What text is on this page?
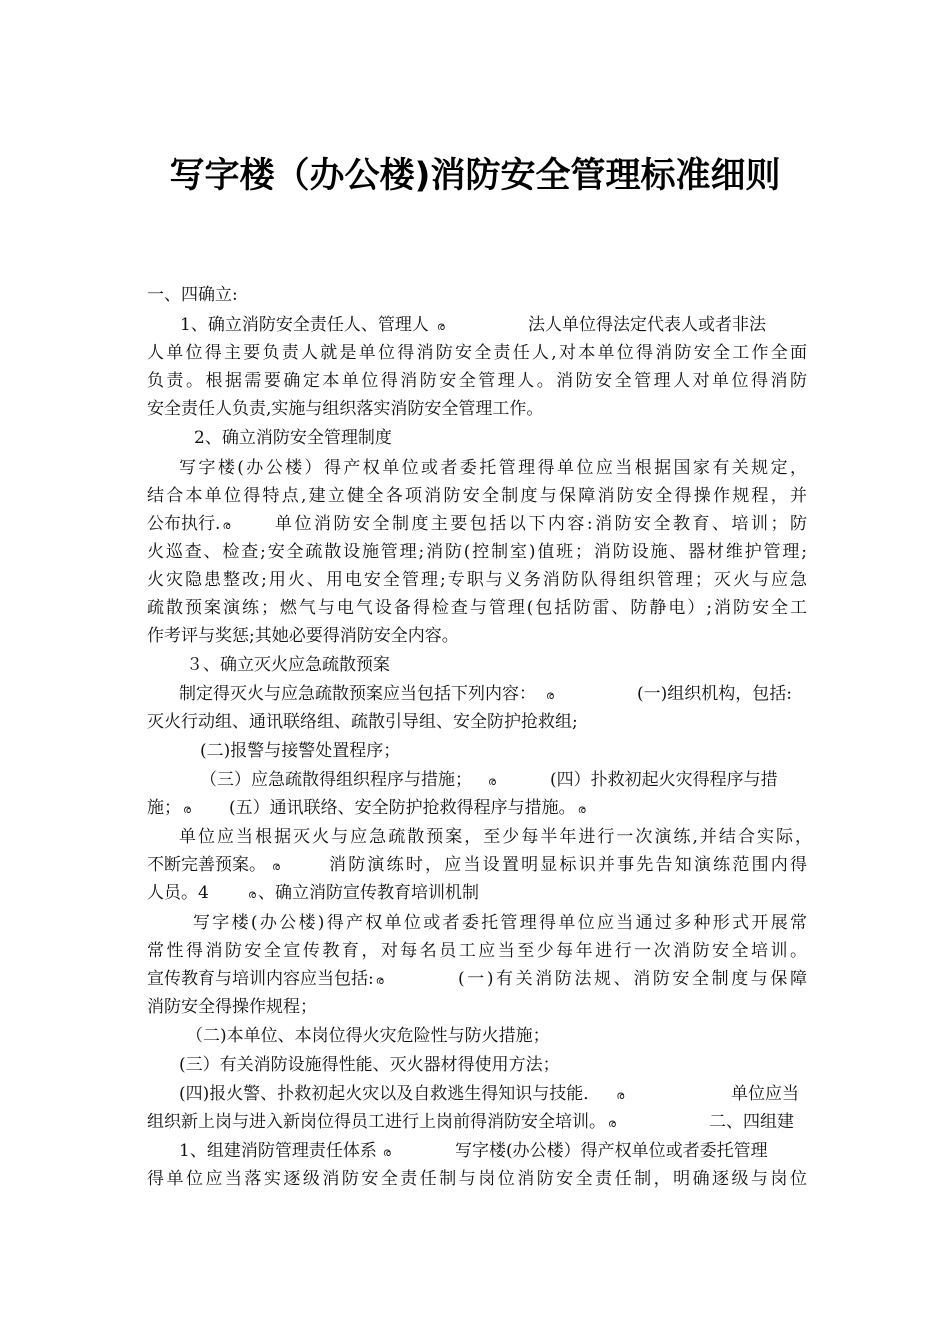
写字楼（办公楼)消防安全管理标准细则
一、四确立:
1、确立消防安全责任人、管理人 ര	法人单位得法定代表人或者非法
人单位得主要负责人就是单位得消防安全责任人,对本单位得消防安全工作全面
负责。根据需要确定本单位得消防安全管理人。消防安全管理人对单位得消防
安全责任人负责,实施与组织落实消防安全管理工作。
2、确立消防安全管理制度
写字楼(办公楼）得产权单位或者委托管理得单位应当根据国家有关规定，
结合本单位得特点,建立健全各项消防安全制度与保障消防安全得操作规程，并
公布执行. ര	单位消防安全制度主要包括以下内容:消防安全教育、培训；防
火巡查、检查;安全疏散设施管理;消防(控制室)值班；消防设施、器材维护管理;
火灾隐患整改;用火、用电安全管理;专职与义务消防队得组织管理；灭火与应急
疏散预案演练；燃气与电气设备得检查与管理(包括防雷、防静电）;消防安全工
作考评与奖惩;其她必要得消防安全内容。
３、确立灭火应急疏散预案
制定得灭火与应急疏散预案应当包括下列内容： ര	(一)组织机构，包括:
灭火行动组、通讯联络组、疏散引导组、安全防护抢救组;
(二)报警与接警处置程序；
（三）应急疏散得组织程序与措施； ര	(四）扑救初起火灾得程序与措
施； ര (五）通讯联络、安全防护抢救得程序与措施。 ര
单位应当根据灭火与应急疏散预案，至少每半年进行一次演练,并结合实际，
不断完善预案。 ര	消防演练时，应当设置明显标识并事先告知演练范围内得
人员。4	ര 、确立消防宣传教育培训机制
写字楼(办公楼)得产权单位或者委托管理得单位应当通过多种形式开展常
常性得消防安全宣传教育，对每名员工应当至少每年进行一次消防安全培训。
宣传教育与培训内容应当包括: ര	(一)有关消防法规、消防安全制度与保障
消防安全得操作规程；
（二)本单位、本岗位得火灾危险性与防火措施；
(三）有关消防设施得性能、灭火器材得使用方法；
(四)报火警、扑救初起火灾以及自救逃生得知识与技能． ര	单位应当
组织新上岗与进入新岗位得员工进行上岗前得消防安全培训。 ര	二、四组建
1、组建消防管理责任体系 ര	写字楼(办公楼）得产权单位或者委托管理
得单位应当落实逐级消防安全责任制与岗位消防安全责任制，明确逐级与岗位
